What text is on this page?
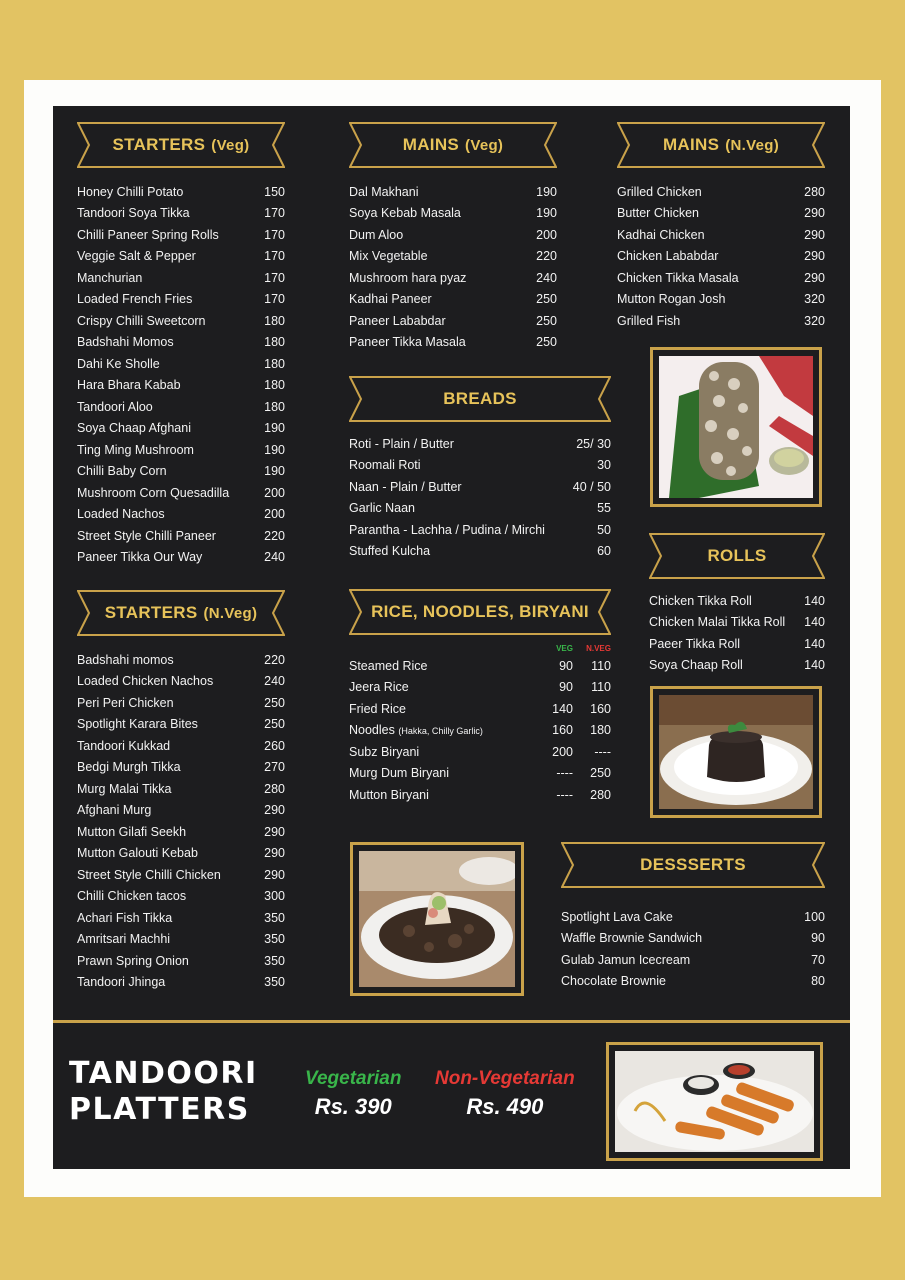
STARTERS (Veg)
Honey Chilli Potato	150
Tandoori Soya Tikka	170
Chilli Paneer Spring Rolls	170
Veggie Salt & Pepper	170
Manchurian	170
Loaded French Fries	170
Crispy Chilli Sweetcorn	180
Badshahi Momos	180
Dahi Ke Sholle	180
Hara Bhara Kabab	180
Tandoori Aloo	180
Soya Chaap Afghani	190
Ting Ming Mushroom	190
Chilli Baby Corn	190
Mushroom Corn Quesadilla	200
Loaded Nachos	200
Street Style Chilli Paneer	220
Paneer Tikka Our Way	240
STARTERS (N.Veg)
Badshahi momos	220
Loaded Chicken Nachos	240
Peri Peri Chicken	250
Spotlight Karara Bites	250
Tandoori Kukkad	260
Bedgi Murgh Tikka	270
Murg Malai Tikka	280
Afghani Murg	290
Mutton Gilafi Seekh	290
Mutton Galouti Kebab	290
Street Style Chilli Chicken	290
Chilli Chicken tacos	300
Achari Fish Tikka	350
Amritsari Machhi	350
Prawn Spring Onion	350
Tandoori Jhinga	350
MAINS (Veg)
Dal Makhani	190
Soya Kebab Masala	190
Dum Aloo	200
Mix Vegetable	220
Mushroom hara pyaz	240
Kadhai Paneer	250
Paneer Lababdar	250
Paneer Tikka Masala	250
BREADS
Roti - Plain / Butter	25/ 30
Roomali Roti	30
Naan - Plain / Butter	40 / 50
Garlic Naan	55
Parantha - Lachha / Pudina / Mirchi	50
Stuffed Kulcha	60
RICE, NOODLES, BIRYANI
VEG	N.VEG
Steamed Rice	90	110
Jeera Rice	90	110
Fried Rice	140	160
Noodles (Hakka, Chilly Garlic)	160	180
Subz Biryani	200	----
Murg Dum Biryani	----	250
Mutton Biryani	----	280
MAINS (N.Veg)
Grilled Chicken	280
Butter Chicken	290
Kadhai Chicken	290
Chicken Lababdar	290
Chicken Tikka Masala	290
Mutton Rogan Josh	320
Grilled Fish	320
ROLLS
Chicken Tikka Roll	140
Chicken Malai Tikka Roll 140
Paeer Tikka Roll	140
Soya Chaap Roll	140
DESSSERTS
Spotlight Lava Cake	100
Waffle Brownie Sandwich	90
Gulab Jamun Icecream	70
Chocolate Brownie	80
TANDOORI
PLATTERS
Vegetarian
Rs. 390
Non-Vegetarian
Rs. 490
